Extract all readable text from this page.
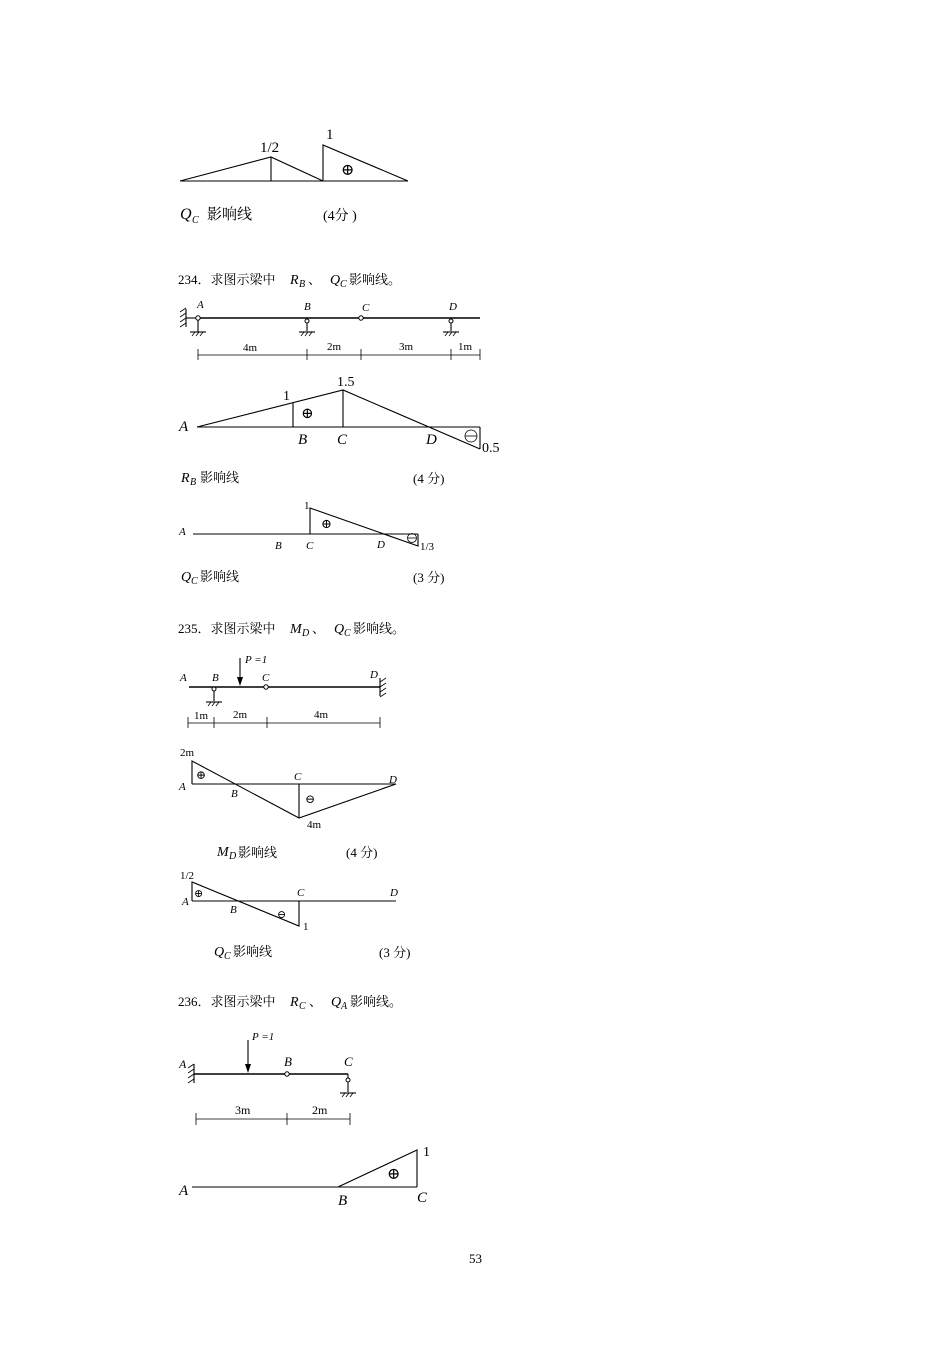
1/2
1
⊕
Q C 影响线	(4分 )
234．求图示梁中 R B 、 Q C 影响线。
A	B	C	D
4m	2m	3m	1m
⊕
1
1.5
0.5
A
B C	D
R B 影响线	(4 分)
⊕
1
1/3
A
B C	D
Q C 影响线	(3 分)
235．求图示梁中 M D 、 Q C 影响线。
P =1
A B	C	D
1m 2m	4m
⊕
⊖
2m
4m
A
B
C	D
M D 影响线	(4 分)
⊕
⊖
1/2
1
A
B
C	D
Q C 影响线	(3 分)
236．求图示梁中 R C 、 Q A 影响线。
P =1
A	B	C
3m	2m
⊕
1
A
B	C
53
